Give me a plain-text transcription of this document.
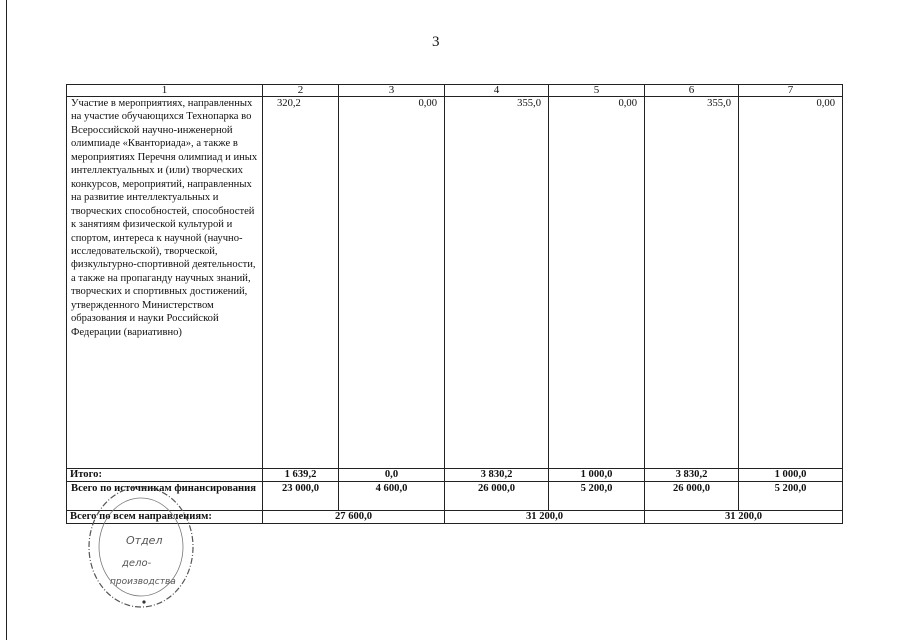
3
1	2	3	4	5	6	7
Участие в мероприятиях, направленных на участие обучающихся Технопарка во Всероссийской научно-инженерной олимпиаде «Кванториада», а также в мероприятиях Перечня олимпиад и иных интеллектуальных и (или) творческих конкурсов, мероприятий, направленных на развитие интеллектуальных и творческих способностей, способностей к занятиям физической культурой и спортом, интереса к научной (научно-исследовательской), творческой, физкультурно-спортивной деятельности, а также на пропаганду научных знаний, творческих и спортивных достижений, утвержденного Министерством образования и науки Российской Федерации (вариативно)	320,2	0,00	355,0	0,00	355,0	0,00
Итого:	1 639,2	0,0	3 830,2	1 000,0	3 830,2	1 000,0
Всего по источникам финансирования	23 000,0	4 600,0	26 000,0	5 200,0	26 000,0	5 200,0
Всего по всем направлениям:	27 600,0		31 200,0		31 200,0	
Отдел
дело-
производства
